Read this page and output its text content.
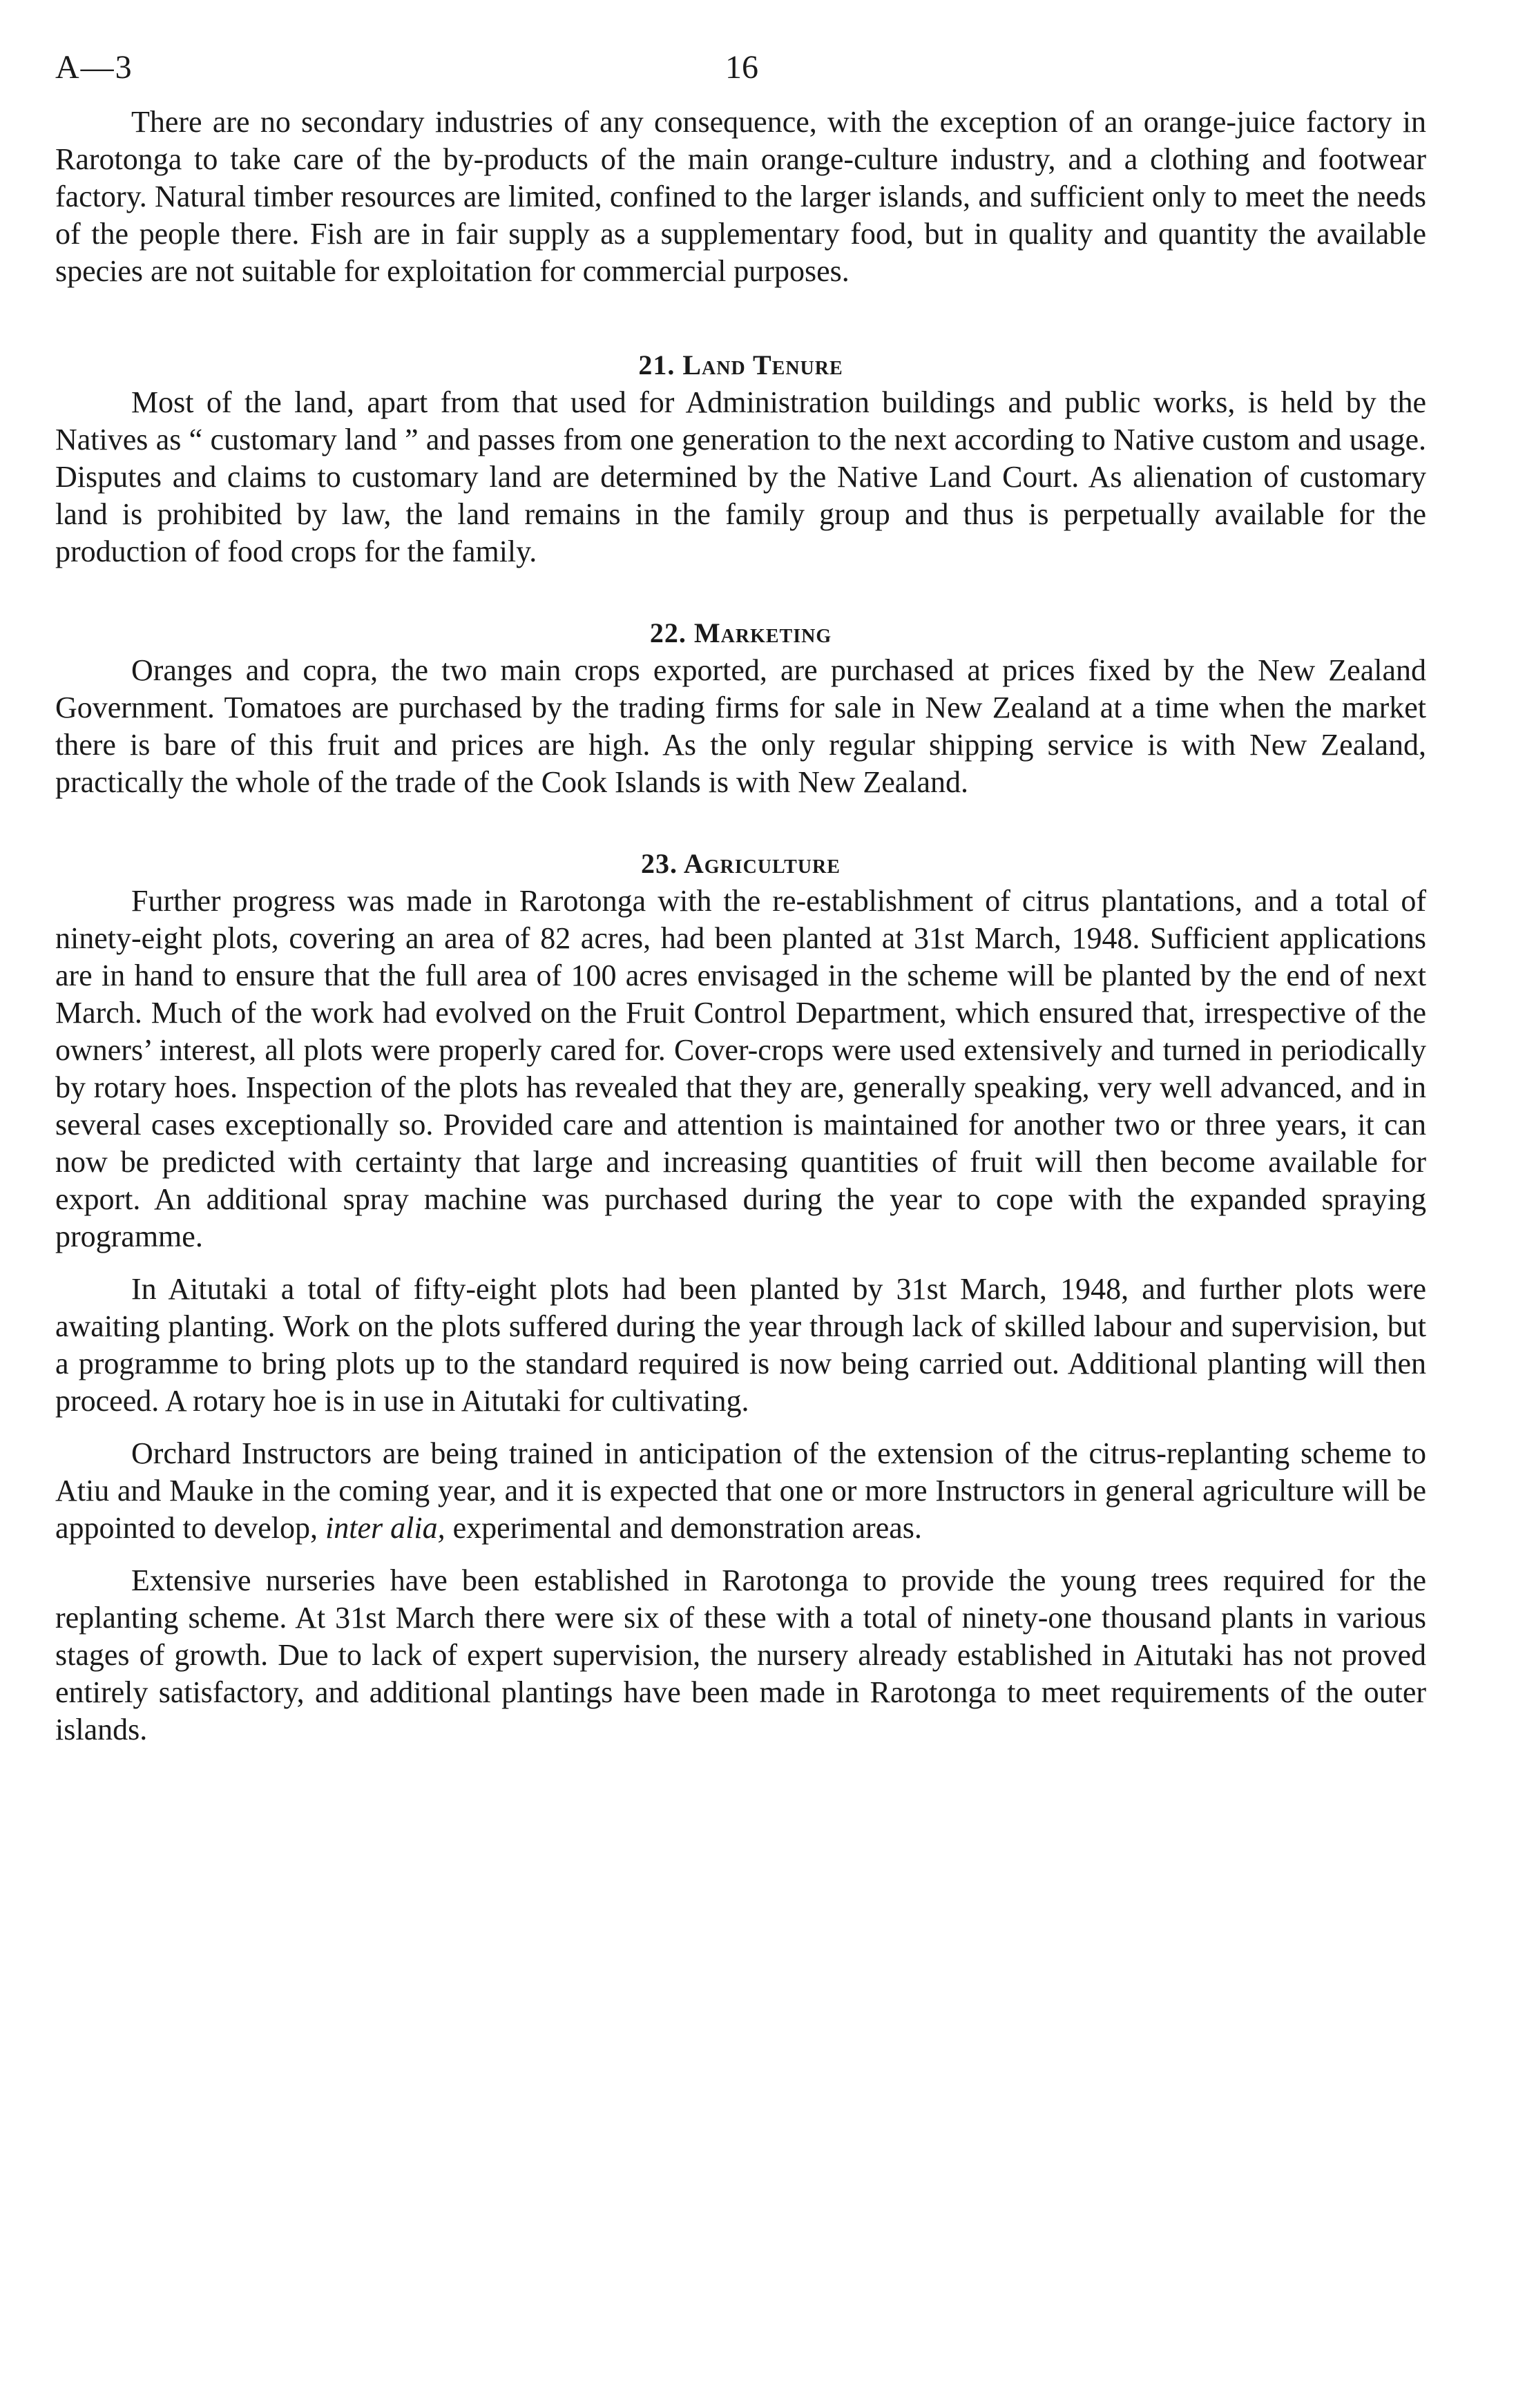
A—3	16

There are no secondary industries of any consequence, with the exception of an orange-juice factory in Rarotonga to take care of the by-products of the main orange-culture industry, and a clothing and footwear factory. Natural timber resources are limited, confined to the larger islands, and sufficient only to meet the needs of the people there. Fish are in fair supply as a supplementary food, but in quality and quantity the available species are not suitable for exploitation for commercial purposes.

21. Land Tenure

Most of the land, apart from that used for Administration buildings and public works, is held by the Natives as “ customary land ” and passes from one generation to the next according to Native custom and usage. Disputes and claims to customary land are determined by the Native Land Court. As alienation of customary land is prohibited by law, the land remains in the family group and thus is perpetually available for the production of food crops for the family.

22. Marketing

Oranges and copra, the two main crops exported, are purchased at prices fixed by the New Zealand Government. Tomatoes are purchased by the trading firms for sale in New Zealand at a time when the market there is bare of this fruit and prices are high. As the only regular shipping service is with New Zealand, practically the whole of the trade of the Cook Islands is with New Zealand.

23. Agriculture

Further progress was made in Rarotonga with the re-establishment of citrus plantations, and a total of ninety-eight plots, covering an area of 82 acres, had been planted at 31st March, 1948. Sufficient applications are in hand to ensure that the full area of 100 acres envisaged in the scheme will be planted by the end of next March. Much of the work had evolved on the Fruit Control Department, which ensured that, irrespective of the owners’ interest, all plots were properly cared for. Cover-crops were used extensively and turned in periodically by rotary hoes. Inspection of the plots has revealed that they are, generally speaking, very well advanced, and in several cases exceptionally so. Provided care and attention is maintained for another two or three years, it can now be predicted with certainty that large and increasing quantities of fruit will then become available for export. An additional spray machine was purchased during the year to cope with the expanded spraying programme.

In Aitutaki a total of fifty-eight plots had been planted by 31st March, 1948, and further plots were awaiting planting. Work on the plots suffered during the year through lack of skilled labour and supervision, but a programme to bring plots up to the standard required is now being carried out. Additional planting will then proceed. A rotary hoe is in use in Aitutaki for cultivating.

Orchard Instructors are being trained in anticipation of the extension of the citrus-replanting scheme to Atiu and Mauke in the coming year, and it is expected that one or more Instructors in general agriculture will be appointed to develop, inter alia, experimental and demonstration areas.

Extensive nurseries have been established in Rarotonga to provide the young trees required for the replanting scheme. At 31st March there were six of these with a total of ninety-one thousand plants in various stages of growth. Due to lack of expert supervision, the nursery already established in Aitutaki has not proved entirely satisfactory, and additional plantings have been made in Rarotonga to meet requirements of the outer islands.
